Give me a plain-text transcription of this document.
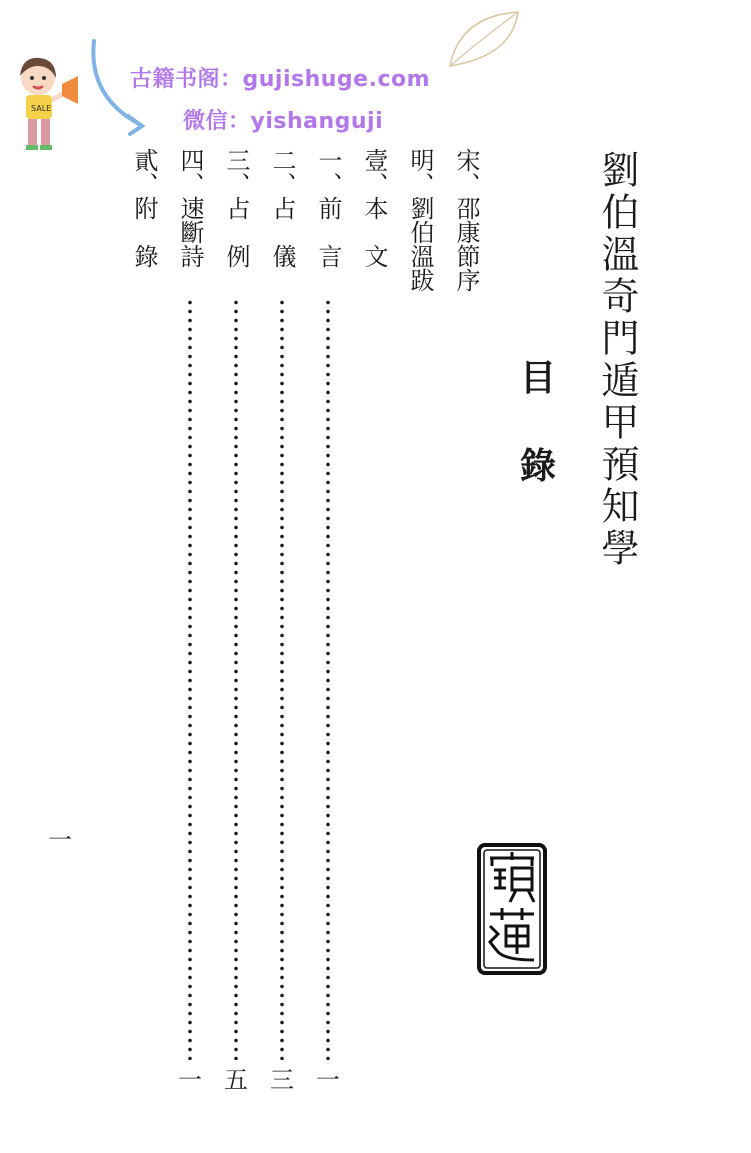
SALE
古籍书阁：gujishuge.com
微信：yishanguji
劉伯溫奇門遁甲預知學
目
錄
宋、邵康節序
明、劉伯溫跋
壹、本　文
一、前　言
一
二、占　儀
三
三、占　例
五
四、速斷詩
一
貳、附　錄
一
